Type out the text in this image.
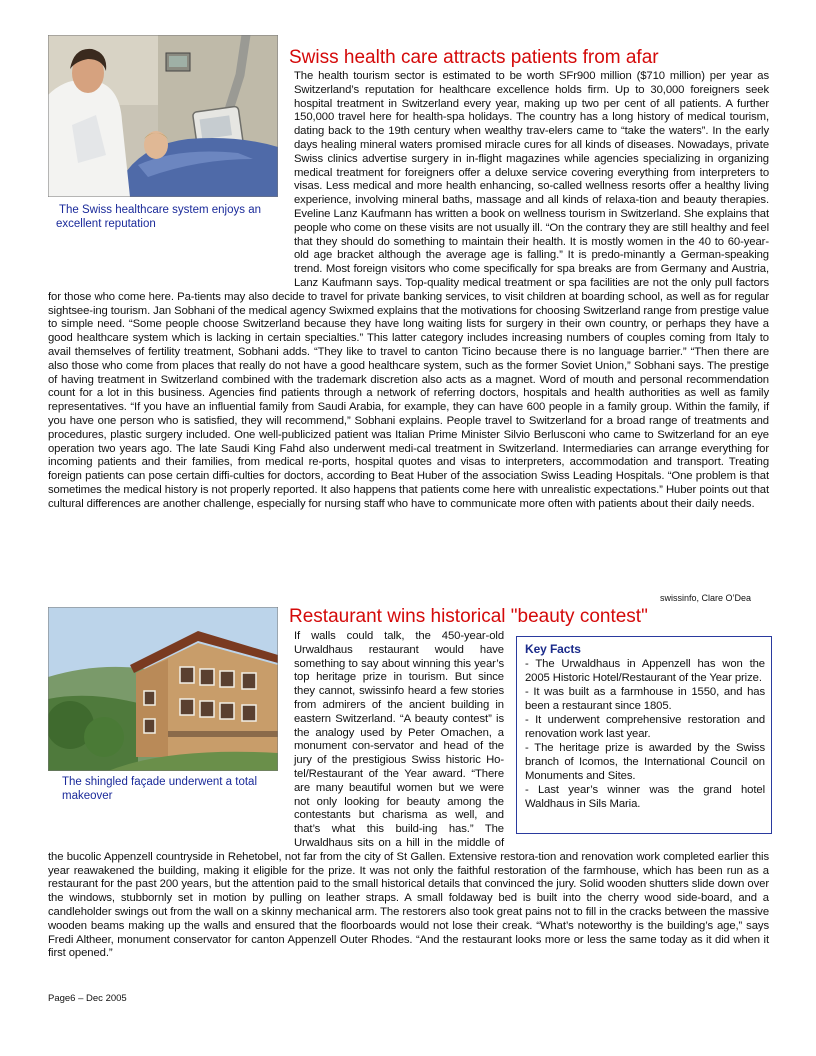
The Swiss healthcare system enjoys an excellent reputation
Swiss health care attracts patients from afar

The health tourism sector is estimated to be worth SFr900 million ($710 million) per year as Switzerland’s reputation for healthcare excellence holds firm. Up to 30,000 foreigners seek hospital treatment in Switzerland every year, making up two per cent of all patients. A further 150,000 travel here for health-spa holidays. The country has a long history of medical tourism, dating back to the 19th century when wealthy trav-elers came to “take the waters”. In the early days healing mineral waters promised miracle cures for all kinds of diseases. Nowadays, private Swiss clinics advertise surgery in in-flight magazines while agencies specializing in organizing medical treatment for foreigners offer a deluxe service covering everything from interpreters to visas. Less medical and more health enhancing, so-called wellness resorts offer a healthy living experience, involving mineral baths, massage and all kinds of relaxa-tion and beauty therapies. Eveline Lanz Kaufmann has written a book on wellness tourism in Switzerland. She explains that people who come on these visits are not usually ill. “On the contrary they are still healthy and feel that they should do something to maintain their health. It is mostly women in the 40 to 60-year-old age bracket although the average age is falling.” It is predo-minantly a German-speaking trend. Most foreign visitors who come specifically for spa breaks are from Germany and Austria, Lanz Kaufmann says. Top-quality medical treatment or spa facilities are not the only pull factors for those who come here. Pa-tients may also decide to travel for private banking services, to visit children at boarding school, as well as for regular sightsee-ing tourism. Jan Sobhani of the medical agency Swixmed explains that the motivations for choosing Switzerland range from prestige value to simple need. “Some people choose Switzerland because they have long waiting lists for surgery in their own country, or perhaps they have a good healthcare system which is lacking in certain specialties.” This latter category includes increasing numbers of couples coming from Italy to avail themselves of fertility treatment, Sobhani adds. “They like to travel to canton Ticino because there is no language barrier.” “Then there are also those who come from places that really do not have a good healthcare system, such as the former Soviet Union,” Sobhani says. The prestige of having treatment in Switzerland combined with the trademark discretion also acts as a magnet. Word of mouth and personal recommendation count for a lot in this business. Agencies find patients through a network of referring doctors, hospitals and health authorities as well as family representatives. “If you have an influential family from Saudi Arabia, for example, they can have 600 people in a family group. Within the family, if you have one person who is satisfied, they will recommend,” Sobhani explains. People travel to Switzerland for a broad range of treatments and procedures, plastic surgery included. One well-publicized patient was Italian Prime Minister Silvio Berlusconi who came to Switzerland for an eye operation two years ago. The late Saudi King Fahd also underwent medi-cal treatment in Switzerland. Intermediaries can arrange everything for incoming patients and their families, from medical re-ports, hospital quotes and visas to interpreters, accommodation and transport. Treating foreign patients can pose certain diffi-culties for doctors, according to Beat Huber of the association Swiss Leading Hospitals. “One problem is that sometimes the medical history is not properly reported. It also happens that patients come here with unrealistic expectations.” Huber points out that cultural differences are another challenge, especially for nursing staff who have to communicate more often with patients about their daily needs.

swissinfo, Clare O’Dea
The shingled façade underwent a total makeover
Restaurant wins historical "beauty contest"
Key Facts

- The Urwaldhaus in Appenzell has won the 2005 Historic Hotel/Restaurant of the Year prize.

- It was built as a farmhouse in 1550, and has been a restaurant since 1805.

- It underwent comprehensive restoration and renovation work last year.

- The heritage prize is awarded by the Swiss branch of Icomos, the International Council on Monuments and Sites.

- Last year’s winner was the grand hotel Waldhaus in Sils Maria.

If walls could talk, the 450-year-old Urwaldhaus restaurant would have something to say about winning this year’s top heritage prize in tourism. But since they cannot, swissinfo heard a few stories from admirers of the ancient building in eastern Switzerland. “A beauty contest” is the analogy used by Peter Omachen, a monument con-servator and head of the jury of the prestigious Swiss historic Ho-tel/Restaurant of the Year award. “There are many beautiful women but we were not only looking for beauty among the contestants but charisma as well, and that’s what this build-ing has.” The Urwaldhaus sits on a hill in the middle of the bucolic Appenzell countryside in Rehetobel, not far from the city of St Gallen. Extensive restora-tion and renovation work completed earlier this year reawakened the building, making it eligible for the prize. It was not only the faithful restoration of the farmhouse, which has been run as a restaurant for the past 200 years, but the attention paid to the small historical details that convinced the jury. Solid wooden shutters slide down over the windows, stubbornly set in motion by pulling on leather straps. A small foldaway bed is built into the cherry wood side-board, and a candleholder swings out from the wall on a skinny mechanical arm. The restorers also took great pains not to fill in the cracks between the massive wooden beams making up the walls and ensured that the floorboards would not lose their creak. “What’s noteworthy is the building’s age,” says Fredi Altheer, monument conservator for canton Appenzell Outer Rhodes. “And the restaurant looks more or less the same today as it did when it first opened.”

Page6 – Dec 2005
